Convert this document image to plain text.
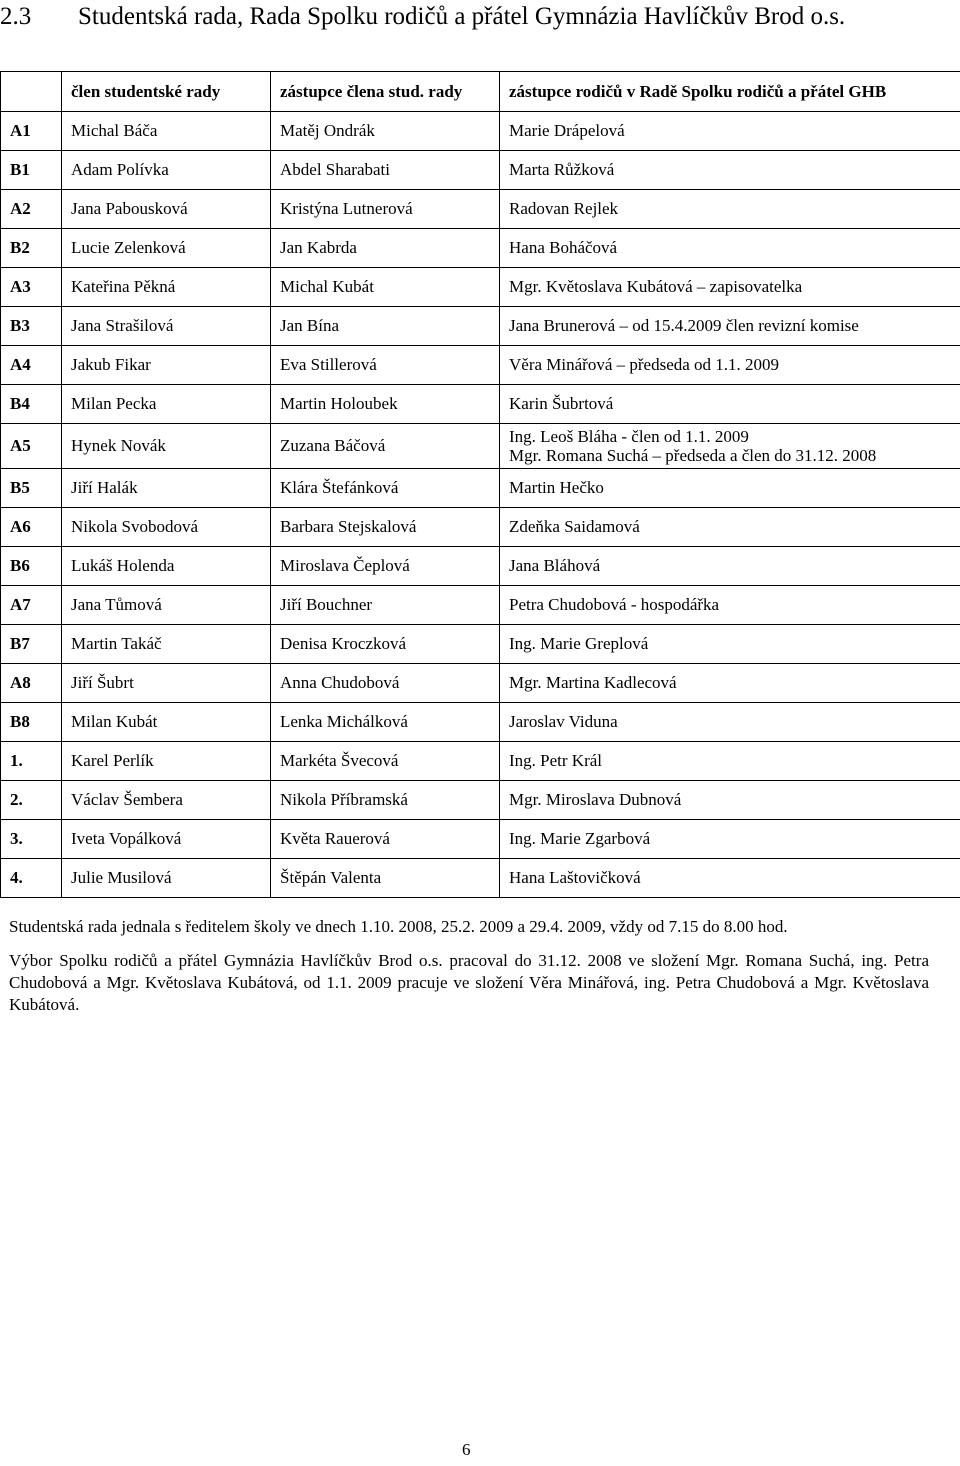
2.3 Studentská rada, Rada Spolku rodičů a přátel Gymnázia Havlíčkův Brod o.s.
	člen studentské rady	zástupce člena stud. rady	zástupce rodičů v Radě Spolku rodičů a přátel GHB
A1	Michal Báča	Matěj Ondrák	Marie Drápelová
B1	Adam Polívka	Abdel Sharabati	Marta Růžková
A2	Jana Pabousková	Kristýna Lutnerová	Radovan Rejlek
B2	Lucie Zelenková	Jan Kabrda	Hana Boháčová
A3	Kateřina Pěkná	Michal Kubát	Mgr. Květoslava Kubátová – zapisovatelka
B3	Jana Strašilová	Jan Bína	Jana Brunerová – od 15.4.2009 člen revizní komise
A4	Jakub Fikar	Eva Stillerová	Věra Minářová – předseda od 1.1. 2009
B4	Milan Pecka	Martin Holoubek	Karin Šubrtová
A5	Hynek Novák	Zuzana Báčová	Ing. Leoš Bláha - člen od 1.1. 2009
Mgr. Romana Suchá – předseda a člen do 31.12. 2008

B5	Jiří Halák	Klára Štefánková	Martin Hečko
A6	Nikola Svobodová	Barbara Stejskalová	Zdeňka Saidamová
B6	Lukáš Holenda	Miroslava Čeplová	Jana Bláhová
A7	Jana Tůmová	Jiří Bouchner	Petra Chudobová - hospodářka
B7	Martin Takáč	Denisa Kroczková	Ing. Marie Greplová
A8	Jiří Šubrt	Anna Chudobová	Mgr. Martina Kadlecová
B8	Milan Kubát	Lenka Michálková	Jaroslav Viduna
1.	Karel Perlík	Markéta Švecová	Ing. Petr Král
2.	Václav Šembera	Nikola Příbramská	Mgr. Miroslava Dubnová
3.	Iveta Vopálková	Květa Rauerová	Ing. Marie Zgarbová
4.	Julie Musilová	Štěpán Valenta	Hana Laštovičková

Studentská rada jednala s ředitelem školy ve dnech 1.10. 2008, 25.2. 2009 a 29.4. 2009, vždy od 7.15 do 8.00 hod.

Výbor Spolku rodičů a přátel Gymnázia Havlíčkův Brod o.s. pracoval do 31.12. 2008 ve složení Mgr. Romana Suchá, ing. Petra Chudobová a Mgr. Květoslava Kubátová, od 1.1. 2009 pracuje ve složení Věra Minářová, ing. Petra Chudobová a Mgr. Květoslava Kubátová.

6
